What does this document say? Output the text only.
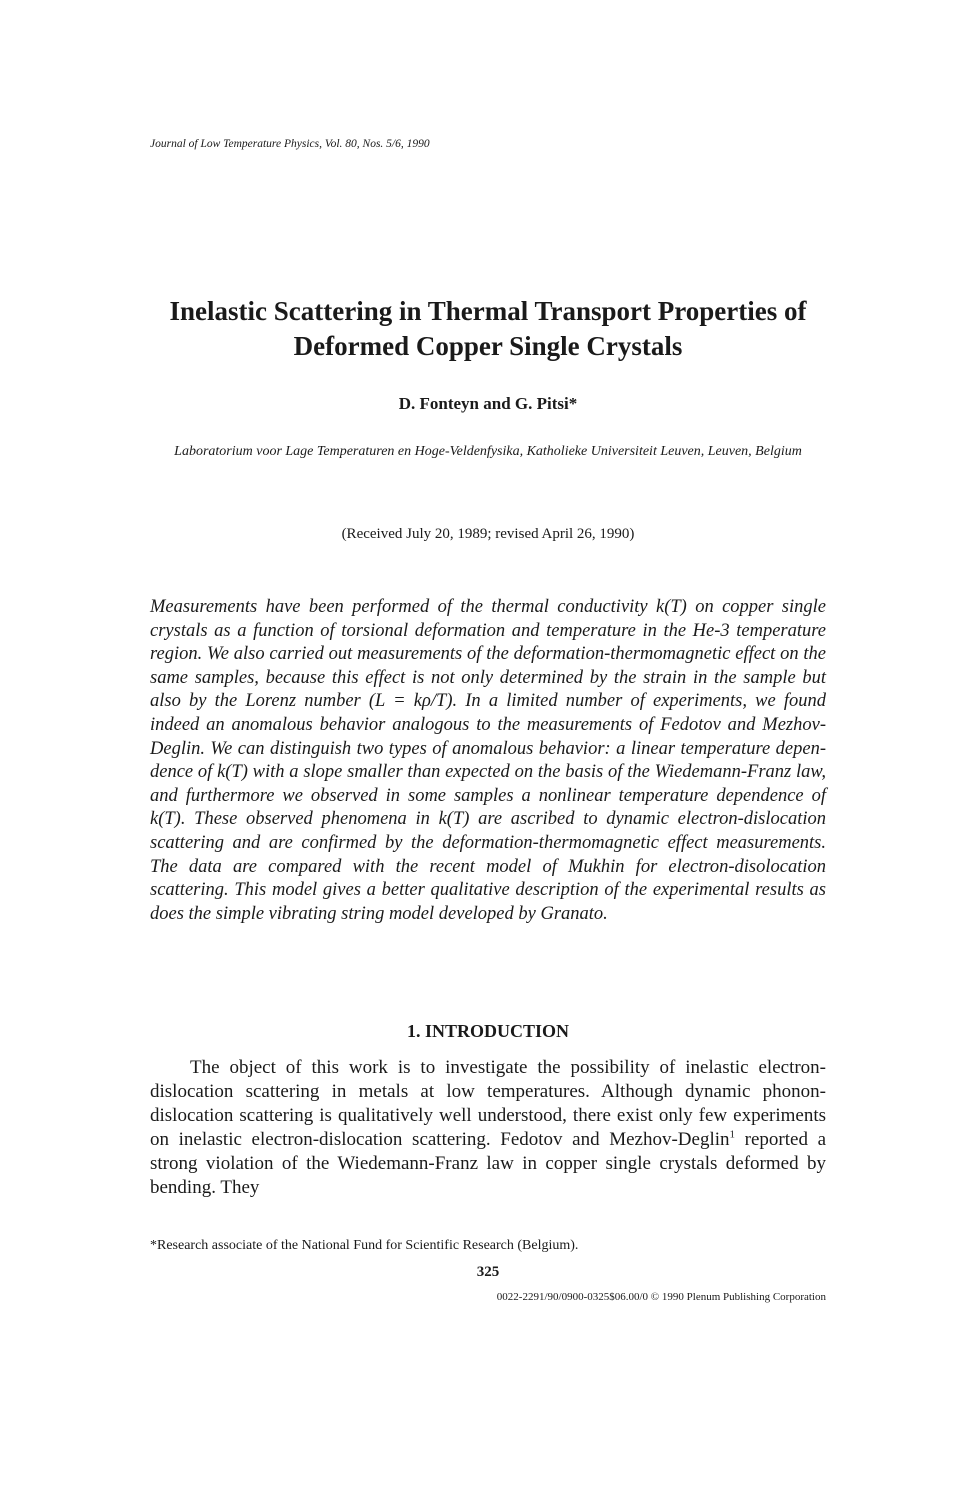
Journal of Low Temperature Physics, Vol. 80, Nos. 5/6, 1990
Inelastic Scattering in Thermal Transport Properties of Deformed Copper Single Crystals
D. Fonteyn and G. Pitsi*
Laboratorium voor Lage Temperaturen en Hoge-Veldenfysika, Katholieke Universiteit Leuven, Leuven, Belgium
(Received July 20, 1989; revised April 26, 1990)

Measurements have been performed of the thermal conductivity k(T) on copper single crystals as a function of torsional deformation and temperature in the He-3 temperature region. We also carried out measurements of the deformation-thermomagnetic effect on the same samples, because this effect is not only determined by the strain in the sample but also by the Lorenz number (L = kρ/T). In a limited number of experiments, we found indeed an anomalous behavior analogous to the measurements of Fedotov and Mezhov-Deglin. We can distinguish two types of anomalous behavior: a linear temperature dependence of k(T) with a slope smaller than expected on the basis of the Wiedemann-Franz law, and furthermore we observed in some samples a nonlinear temperature dependence of k(T). These observed phenomena in k(T) are ascribed to dynamic electron-dislocation scattering and are confirmed by the deformation-thermomagnetic effect measurements. The data are compared with the recent model of Mukhin for electron-disolocation scattering. This model gives a better qualitative description of the experimental results as does the simple vibrating string model developed by Granato.

1. INTRODUCTION

The object of this work is to investigate the possibility of inelastic electron-dislocation scattering in metals at low temperatures. Although dynamic phonon-dislocation scattering is qualitatively well understood, there exist only few experiments on inelastic electron-dislocation scattering. Fedotov and Mezhov-Deglin$^1$ reported a strong violation of the Wiedemann-Franz law in copper single crystals deformed by bending. They

*Research associate of the National Fund for Scientific Research (Belgium).
325
0022-2291/90/0900-0325$06.00/0 © 1990 Plenum Publishing Corporation
